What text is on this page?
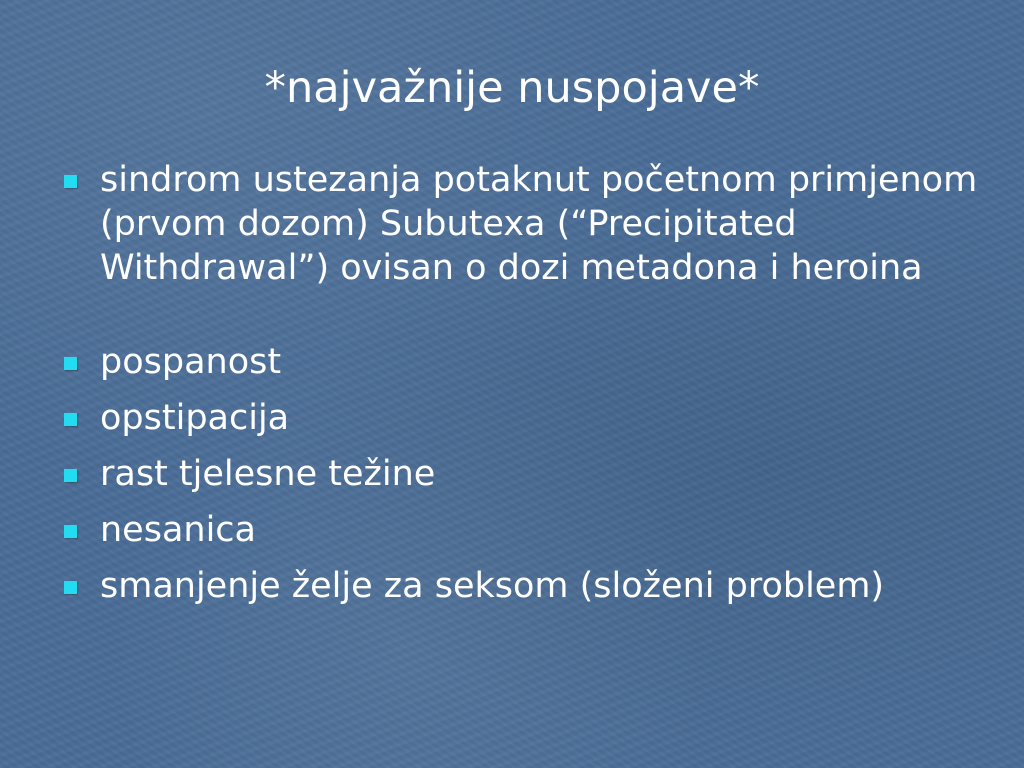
*najvažnije nuspojave*
sindrom ustezanja potaknut početnom primjenom (prvom dozom) Subutexa (“Precipitated Withdrawal”) ovisan o dozi metadona i heroina
pospanost
opstipacija
rast tjelesne težine
nesanica
smanjenje želje za seksom (složeni problem)
